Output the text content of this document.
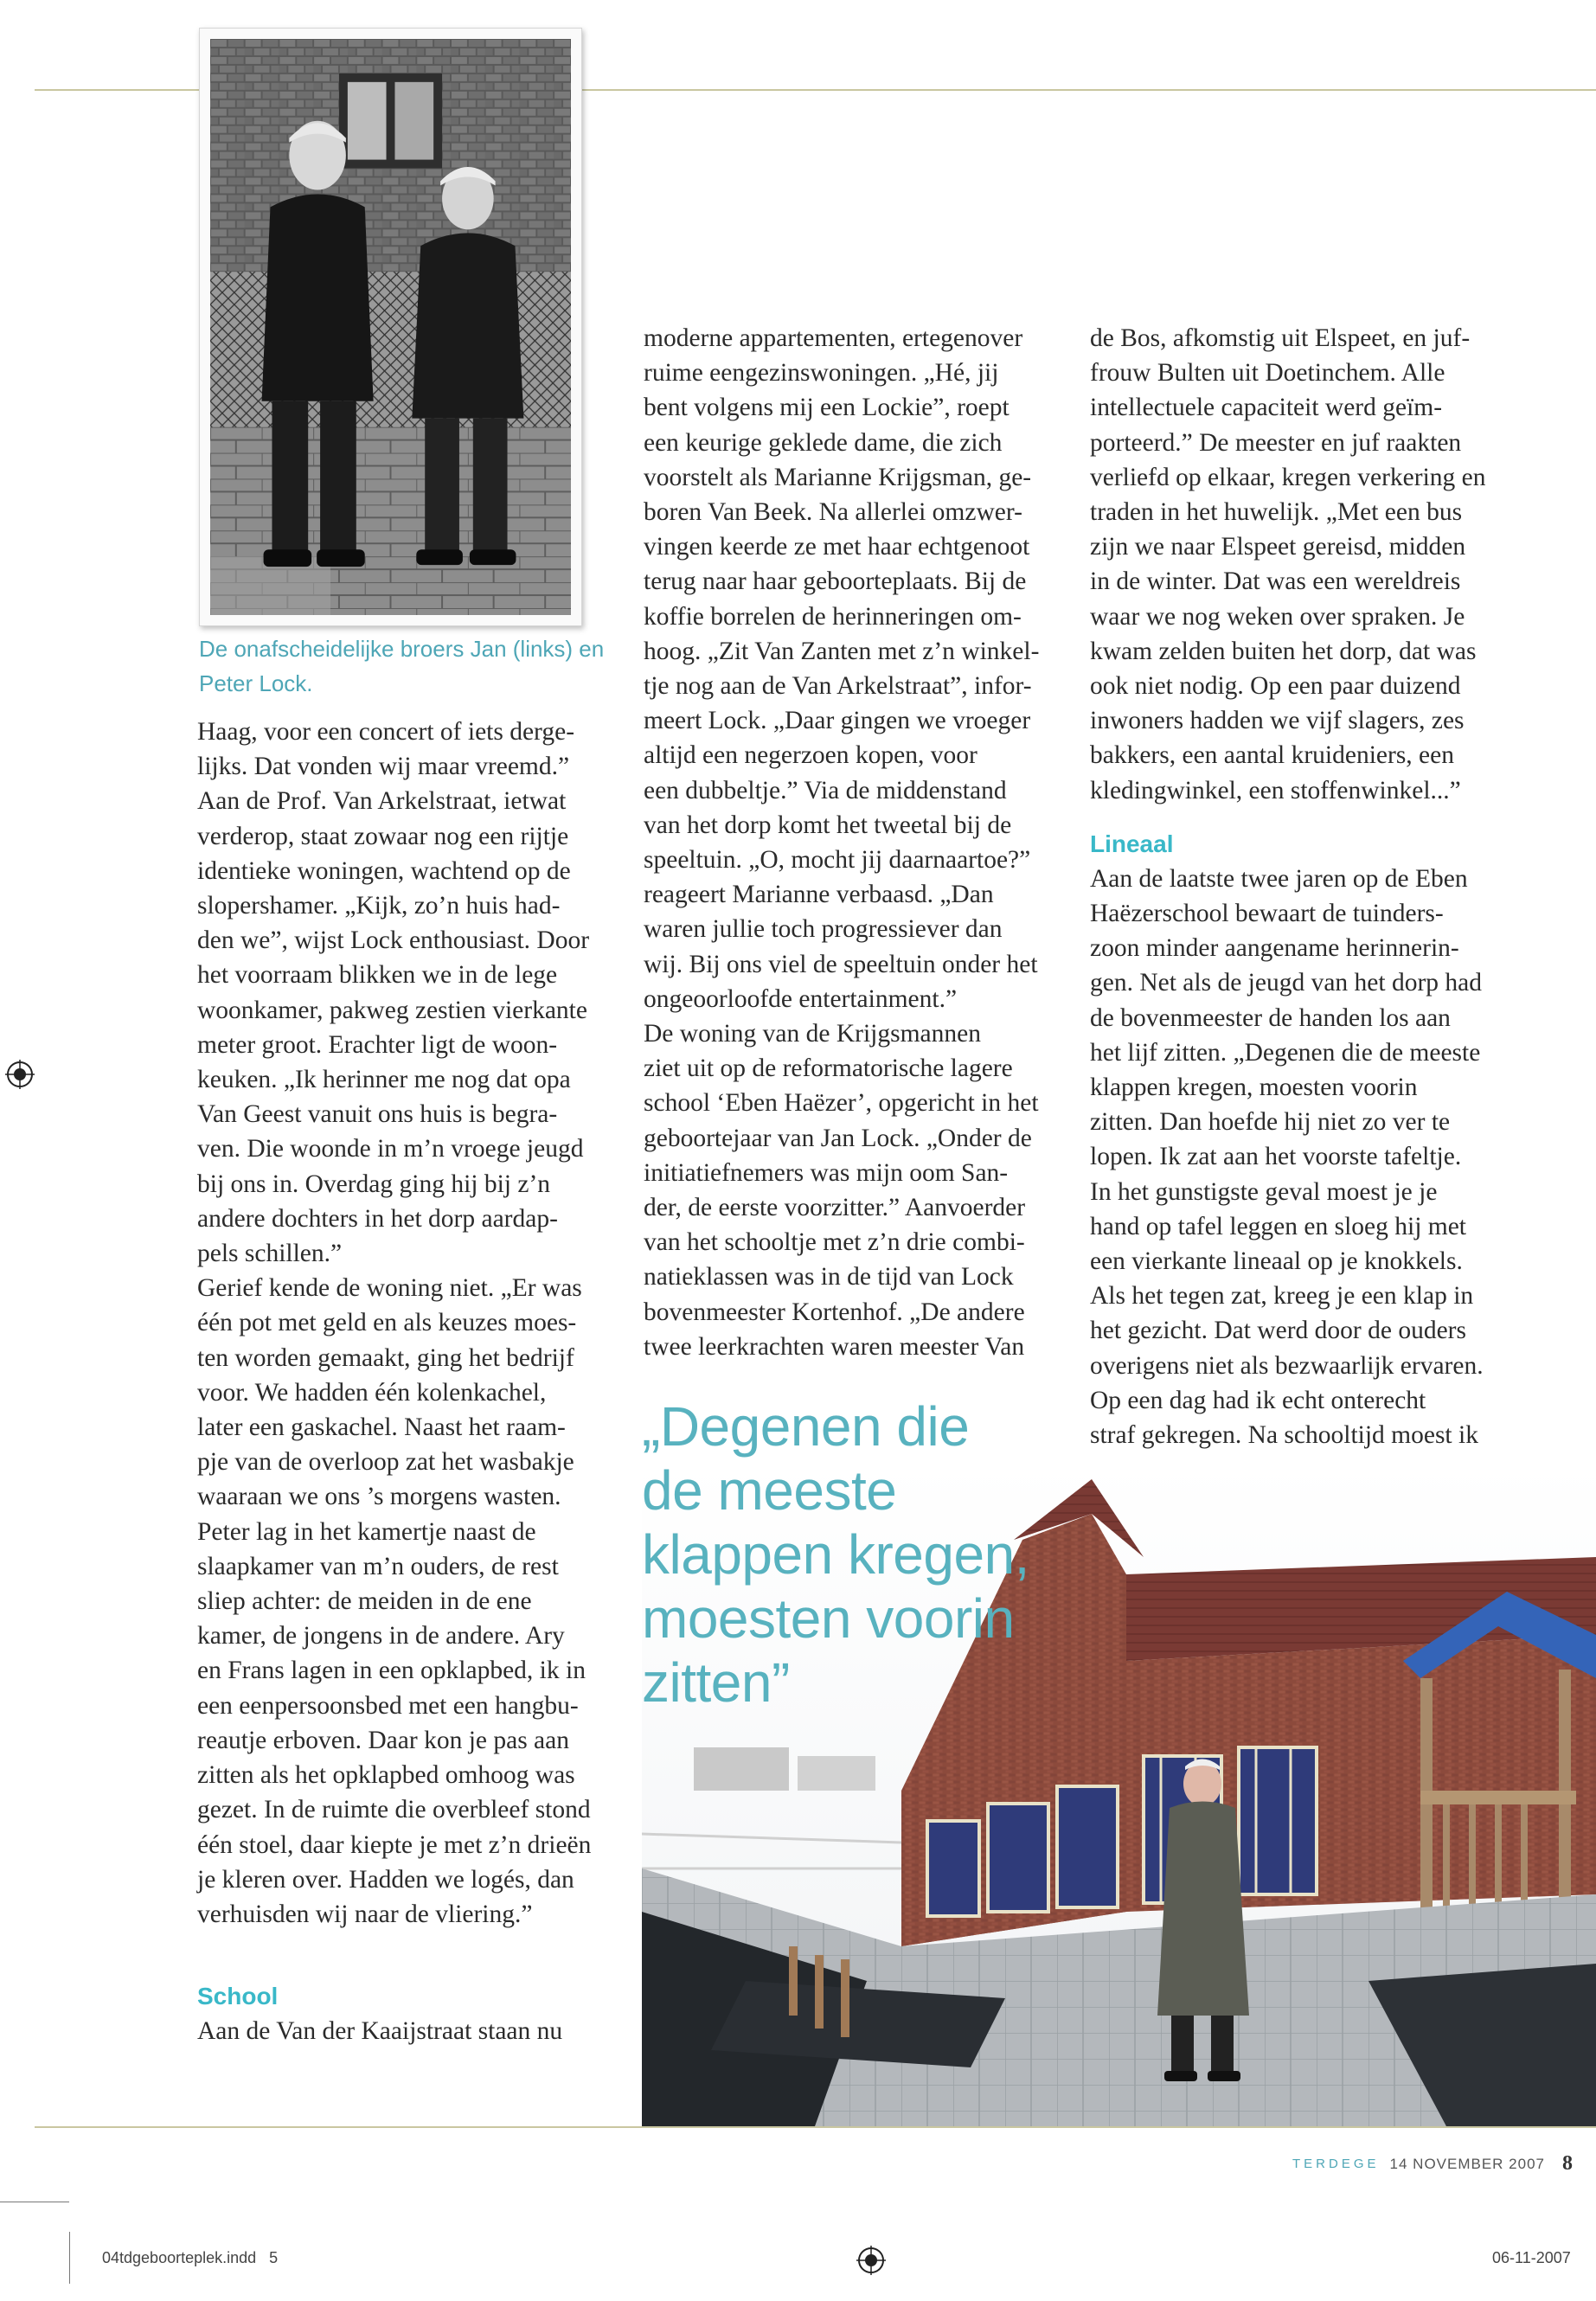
De onafscheidelijke broers Jan (links) en Peter Lock.

Haag, voor een concert of iets derge-

lijks. Dat vonden wij maar vreemd.”

Aan de Prof. Van Arkelstraat, ietwat

verderop, staat zowaar nog een rijtje

identieke woningen, wachtend op de

slopershamer. „Kijk, zo’n huis had-

den we”, wijst Lock enthousiast. Door

het voorraam blikken we in de lege

woonkamer, pakweg zestien vierkante

meter groot. Erachter ligt de woon-

keuken. „Ik herinner me nog dat opa

Van Geest vanuit ons huis is begra-

ven. Die woonde in m’n vroege jeugd

bij ons in. Overdag ging hij bij z’n

andere dochters in het dorp aardap-

pels schillen.”

Gerief kende de woning niet. „Er was

één pot met geld en als keuzes moes-

ten worden gemaakt, ging het bedrijf

voor. We hadden één kolenkachel,

later een gaskachel. Naast het raam-

pje van de overloop zat het wasbakje

waaraan we ons ’s morgens wasten.

Peter lag in het kamertje naast de

slaapkamer van m’n ouders, de rest

sliep achter: de meiden in de ene

kamer, de jongens in de andere. Ary

en Frans lagen in een opklapbed, ik in

een eenpersoonsbed met een hangbu-

reautje erboven. Daar kon je pas aan

zitten als het opklapbed omhoog was

gezet. In de ruimte die overbleef stond

één stoel, daar kiepte je met z’n drieën

je kleren over. Hadden we logés, dan

verhuisden wij naar de vliering.”

School

Aan de Van der Kaaijstraat staan nu

moderne appartementen, ertegenover

ruime eengezinswoningen. „Hé, jij

bent volgens mij een Lockie”, roept

een keurige geklede dame, die zich

voorstelt als Marianne Krijgsman, ge-

boren Van Beek. Na allerlei omzwer-

vingen keerde ze met haar echtgenoot

terug naar haar geboorteplaats. Bij de

koffie borrelen de herinneringen om-

hoog. „Zit Van Zanten met z’n winkel-

tje nog aan de Van Arkelstraat”, infor-

meert Lock. „Daar gingen we vroeger

altijd een negerzoen kopen, voor

een dubbeltje.” Via de middenstand

van het dorp komt het tweetal bij de

speeltuin. „O, mocht jij daarnaartoe?”

reageert Marianne verbaasd. „Dan

waren jullie toch progressiever dan

wij. Bij ons viel de speeltuin onder het

ongeoorloofde entertainment.”

De woning van de Krijgsmannen

ziet uit op de reformatorische lagere

school ‘Eben Haëzer’, opgericht in het

geboortejaar van Jan Lock. „Onder de

initiatiefnemers was mijn oom San-

der, de eerste voorzitter.” Aanvoerder

van het schooltje met z’n drie combi-

natieklassen was in de tijd van Lock

bovenmeester Kortenhof. „De andere

twee leerkrachten waren meester Van

de Bos, afkomstig uit Elspeet, en juf-

frouw Bulten uit Doetinchem. Alle

intellectuele capaciteit werd geïm-

porteerd.” De meester en juf raakten

verliefd op elkaar, kregen verkering en

traden in het huwelijk. „Met een bus

zijn we naar Elspeet gereisd, midden

in de winter. Dat was een wereldreis

waar we nog weken over spraken. Je

kwam zelden buiten het dorp, dat was

ook niet nodig. Op een paar duizend

inwoners hadden we vijf slagers, zes

bakkers, een aantal kruideniers, een

kledingwinkel, een stoffenwinkel...”

Lineaal

Aan de laatste twee jaren op de Eben

Haëzerschool bewaart de tuinders-

zoon minder aangename herinnerin-

gen. Net als de jeugd van het dorp had

de bovenmeester de handen los aan

het lijf zitten. „Degenen die de meeste

klappen kregen, moesten voorin

zitten. Dan hoefde hij niet zo ver te

lopen. Ik zat aan het voorste tafeltje.

In het gunstigste geval moest je je

hand op tafel leggen en sloeg hij met

een vierkante lineaal op je knokkels.

Als het tegen zat, kreeg je een klap in

het gezicht. Dat werd door de ouders

overigens niet als bezwaarlijk ervaren.

Op een dag had ik echt onterecht

straf gekregen. Na schooltijd moest ik

„Degenen die

de meeste

klappen kregen,

moesten voorin

zitten”

TERDEGE 14 NOVEMBER 2007 8
04tdgeboorteplek.indd   5	06-11-2007
